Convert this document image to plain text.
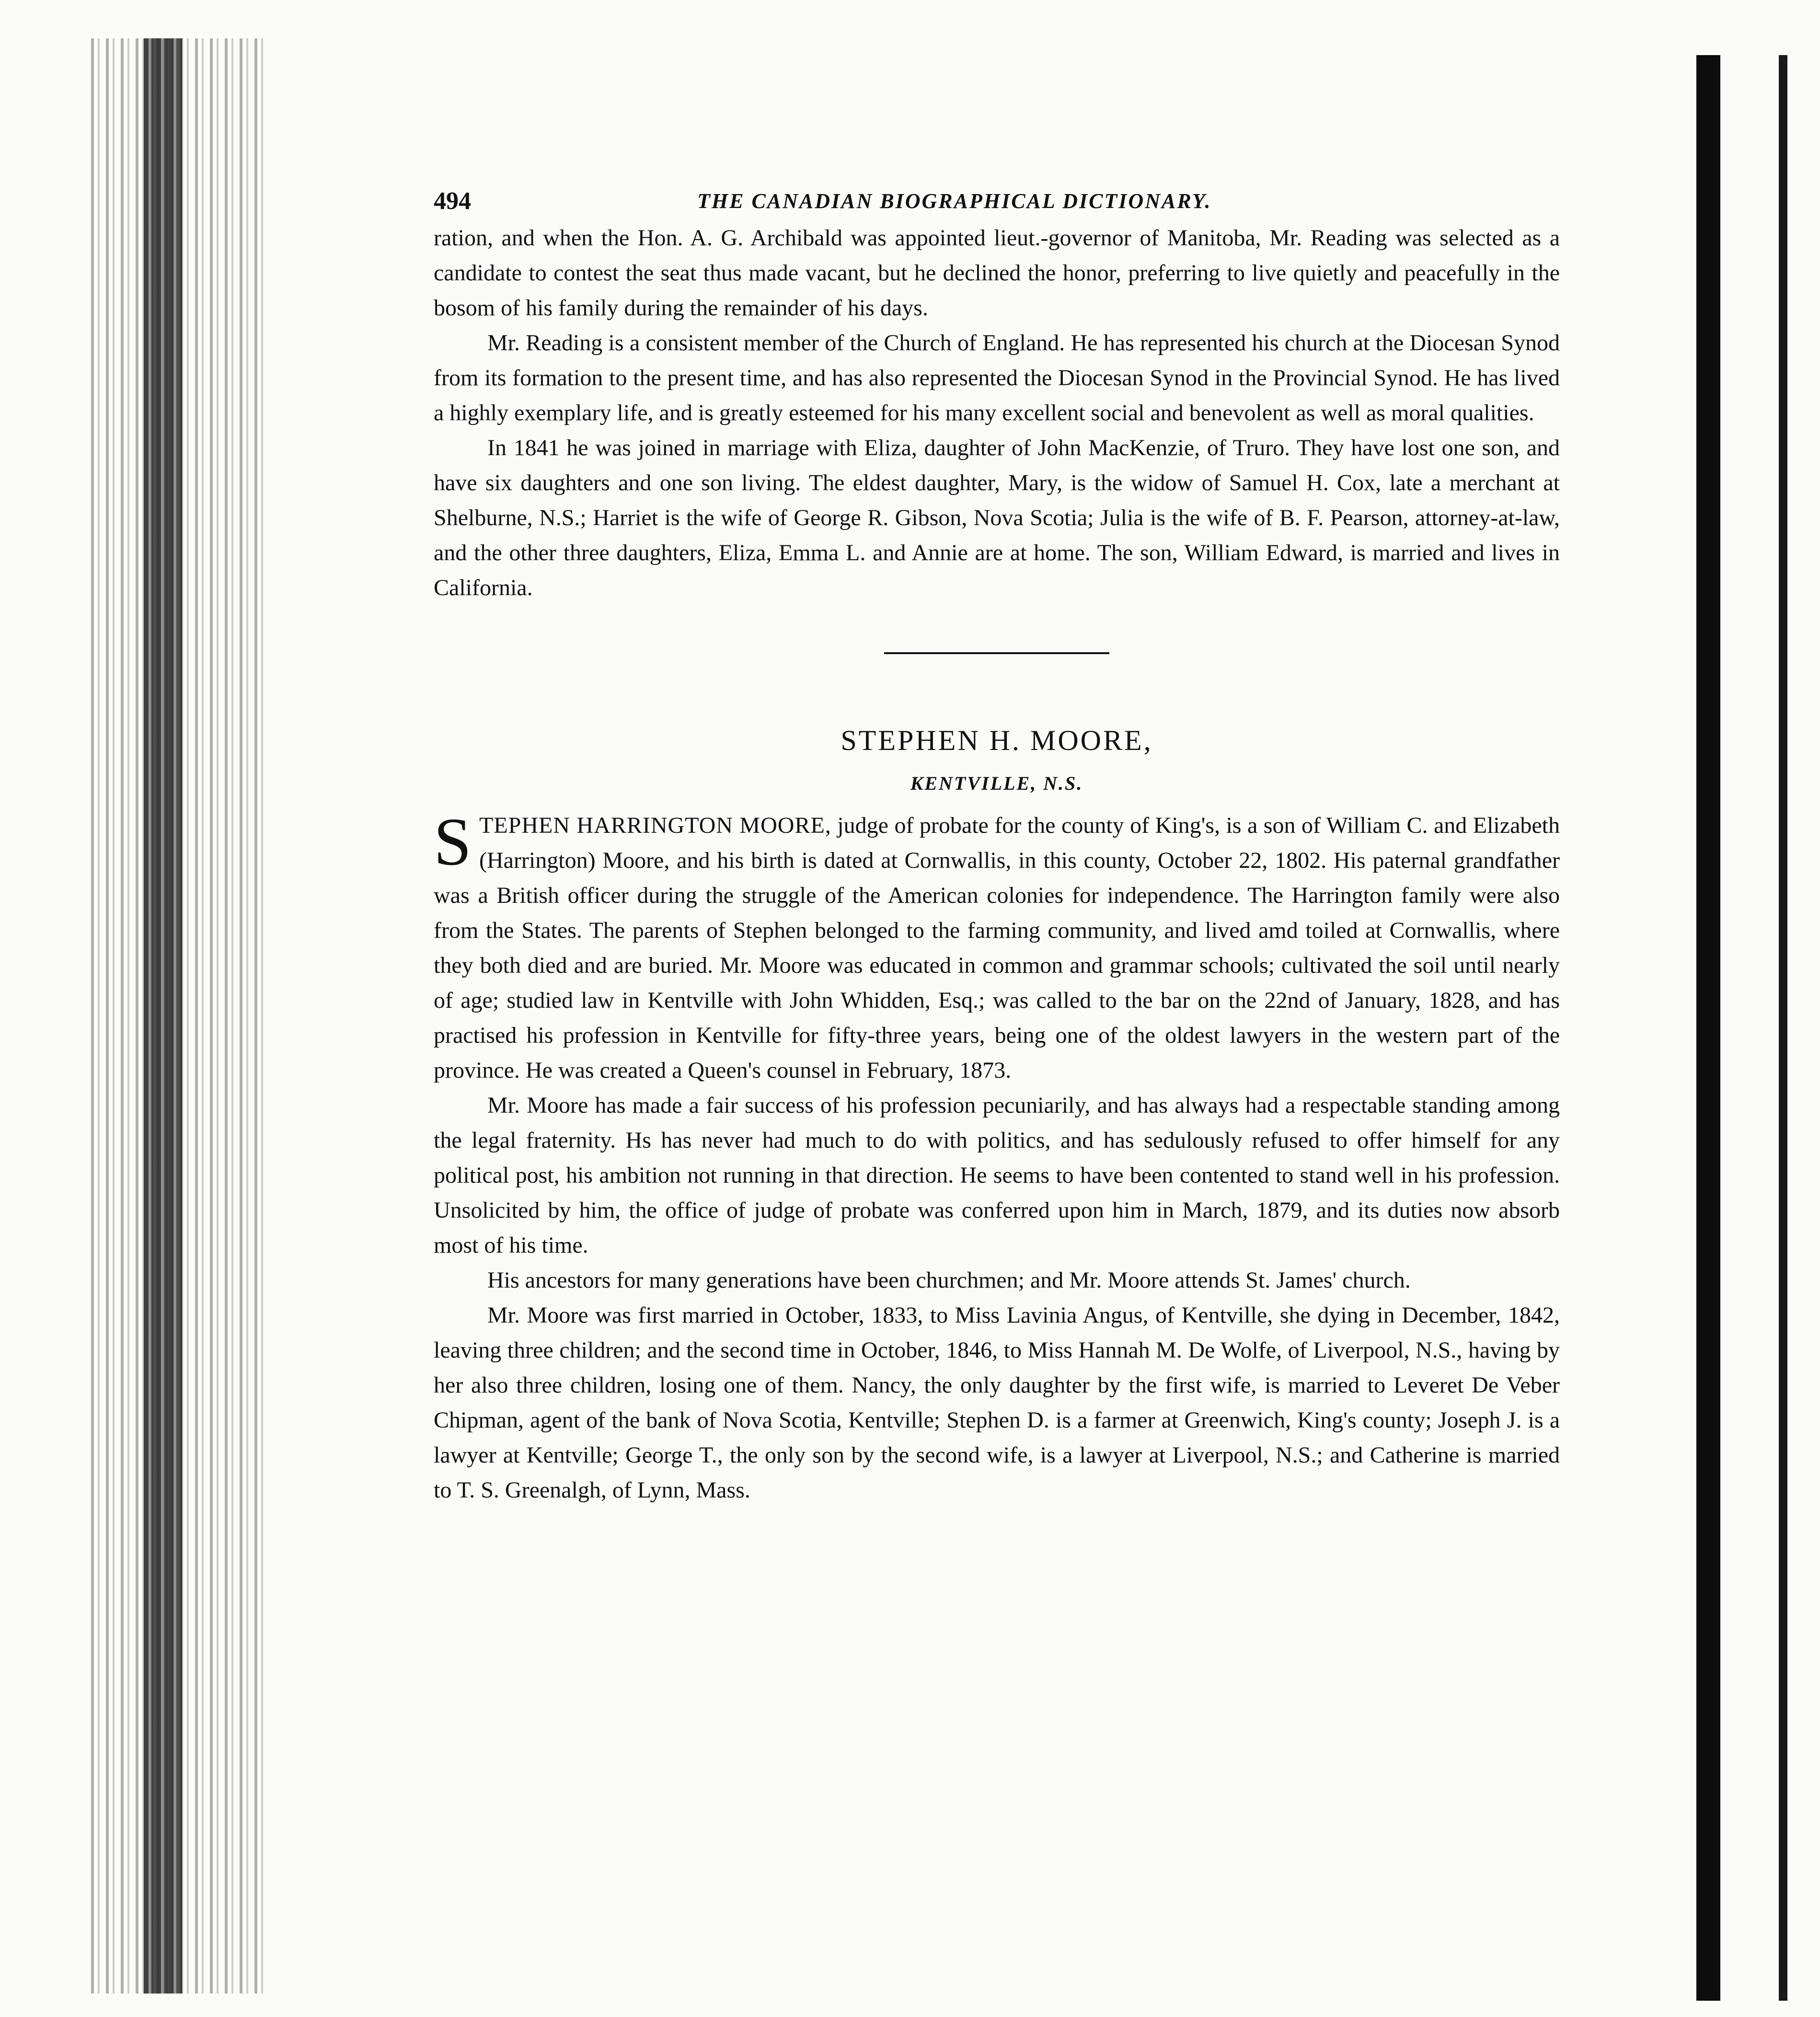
494	THE CANADIAN BIOGRAPHICAL DICTIONARY.

ration, and when the Hon. A. G. Archibald was appointed lieut.-governor of Manitoba, Mr. Reading was selected as a candidate to contest the seat thus made vacant, but he declined the honor, preferring to live quietly and peacefully in the bosom of his family during the remainder of his days.

Mr. Reading is a consistent member of the Church of England. He has represented his church at the Diocesan Synod from its formation to the present time, and has also represented the Diocesan Synod in the Provincial Synod. He has lived a highly exemplary life, and is greatly esteemed for his many excellent social and benevolent as well as moral qualities.

In 1841 he was joined in marriage with Eliza, daughter of John MacKenzie, of Truro. They have lost one son, and have six daughters and one son living. The eldest daughter, Mary, is the widow of Samuel H. Cox, late a merchant at Shelburne, N.S.; Harriet is the wife of George R. Gibson, Nova Scotia; Julia is the wife of B. F. Pearson, attorney-at-law, and the other three daughters, Eliza, Emma L. and Annie are at home. The son, William Edward, is married and lives in California.

STEPHEN H. MOORE,
KENTVILLE, N.S.

STEPHEN HARRINGTON MOORE, judge of probate for the county of King's, is a son of William C. and Elizabeth (Harrington) Moore, and his birth is dated at Cornwallis, in this county, October 22, 1802. His paternal grandfather was a British officer during the struggle of the American colonies for independence. The Harrington family were also from the States. The parents of Stephen belonged to the farming community, and lived amd toiled at Cornwallis, where they both died and are buried. Mr. Moore was educated in common and grammar schools; cultivated the soil until nearly of age; studied law in Kentville with John Whidden, Esq.; was called to the bar on the 22nd of January, 1828, and has practised his profession in Kentville for fifty-three years, being one of the oldest lawyers in the western part of the province. He was created a Queen's counsel in February, 1873.

Mr. Moore has made a fair success of his profession pecuniarily, and has always had a respectable standing among the legal fraternity. Hs has never had much to do with politics, and has sedulously refused to offer himself for any political post, his ambition not running in that direction. He seems to have been contented to stand well in his profession. Unsolicited by him, the office of judge of probate was conferred upon him in March, 1879, and its duties now absorb most of his time.

His ancestors for many generations have been churchmen; and Mr. Moore attends St. James' church.

Mr. Moore was first married in October, 1833, to Miss Lavinia Angus, of Kentville, she dying in December, 1842, leaving three children; and the second time in October, 1846, to Miss Hannah M. De Wolfe, of Liverpool, N.S., having by her also three children, losing one of them. Nancy, the only daughter by the first wife, is married to Leveret De Veber Chipman, agent of the bank of Nova Scotia, Kentville; Stephen D. is a farmer at Greenwich, King's county; Joseph J. is a lawyer at Kentville; George T., the only son by the second wife, is a lawyer at Liverpool, N.S.; and Catherine is married to T. S. Greenalgh, of Lynn, Mass.
